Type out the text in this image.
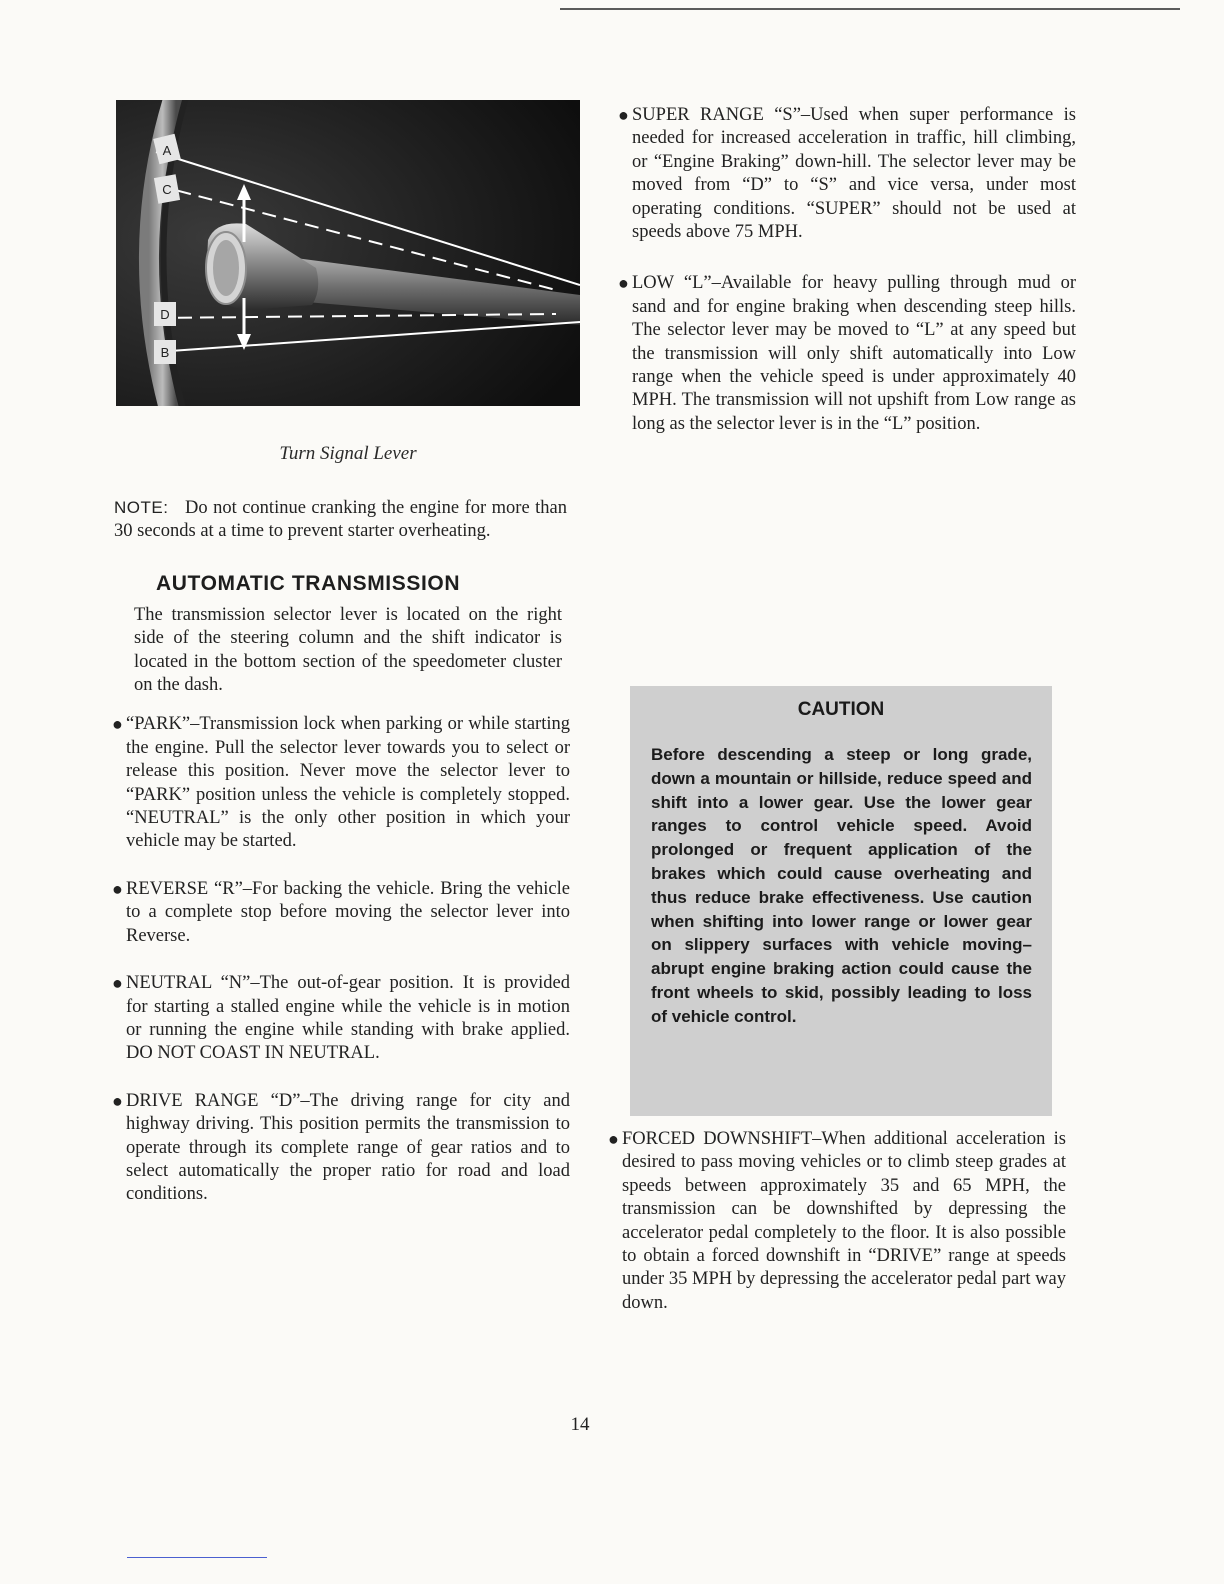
A
C
D
B
Turn Signal Lever

NOTE: Do not continue cranking the engine for more than 30 seconds at a time to prevent starter overheating.

AUTOMATIC TRANSMISSION

The transmission selector lever is located on the right side of the steering column and the shift indicator is located in the bottom section of the speedometer cluster on the dash.

● “PARK”–Transmission lock when parking or while starting the engine. Pull the selector lever towards you to select or release this position. Never move the selector lever to “PARK” position unless the vehicle is completely stopped. “NEUTRAL” is the only other position in which your vehicle may be started.

● REVERSE “R”–For backing the vehicle. Bring the vehicle to a complete stop before moving the selector lever into Reverse.

● NEUTRAL “N”–The out-of-gear position. It is provided for starting a stalled engine while the vehicle is in motion or running the engine while standing with brake applied. DO NOT COAST IN NEUTRAL.

● DRIVE RANGE “D”–The driving range for city and highway driving. This position permits the transmission to operate through its complete range of gear ratios and to select automatically the proper ratio for road and load conditions.

● SUPER RANGE “S”–Used when super performance is needed for increased acceleration in traffic, hill climbing, or “Engine Braking” down-hill. The selector lever may be moved from “D” to “S” and vice versa, under most operating conditions. “SUPER” should not be used at speeds above 75 MPH.

● LOW “L”–Available for heavy pulling through mud or sand and for engine braking when descending steep hills. The selector lever may be moved to “L” at any speed but the transmission will only shift automatically into Low range when the vehicle speed is under approximately 40 MPH. The transmission will not upshift from Low range as long as the selector lever is in the “L” position.

CAUTION

Before descending a steep or long grade, down a mountain or hillside, reduce speed and shift into a lower gear. Use the lower gear ranges to control vehicle speed. Avoid prolonged or frequent application of the brakes which could cause overheating and thus reduce brake effectiveness. Use caution when shifting into lower range or lower gear on slippery surfaces with vehicle moving–abrupt engine braking action could cause the front wheels to skid, possibly leading to loss of vehicle control.

● FORCED DOWNSHIFT–When additional acceleration is desired to pass moving vehicles or to climb steep grades at speeds between approximately 35 and 65 MPH, the transmission can be downshifted by depressing the accelerator pedal completely to the floor. It is also possible to obtain a forced downshift in “DRIVE” range at speeds under 35 MPH by depressing the accelerator pedal part way down.

14
